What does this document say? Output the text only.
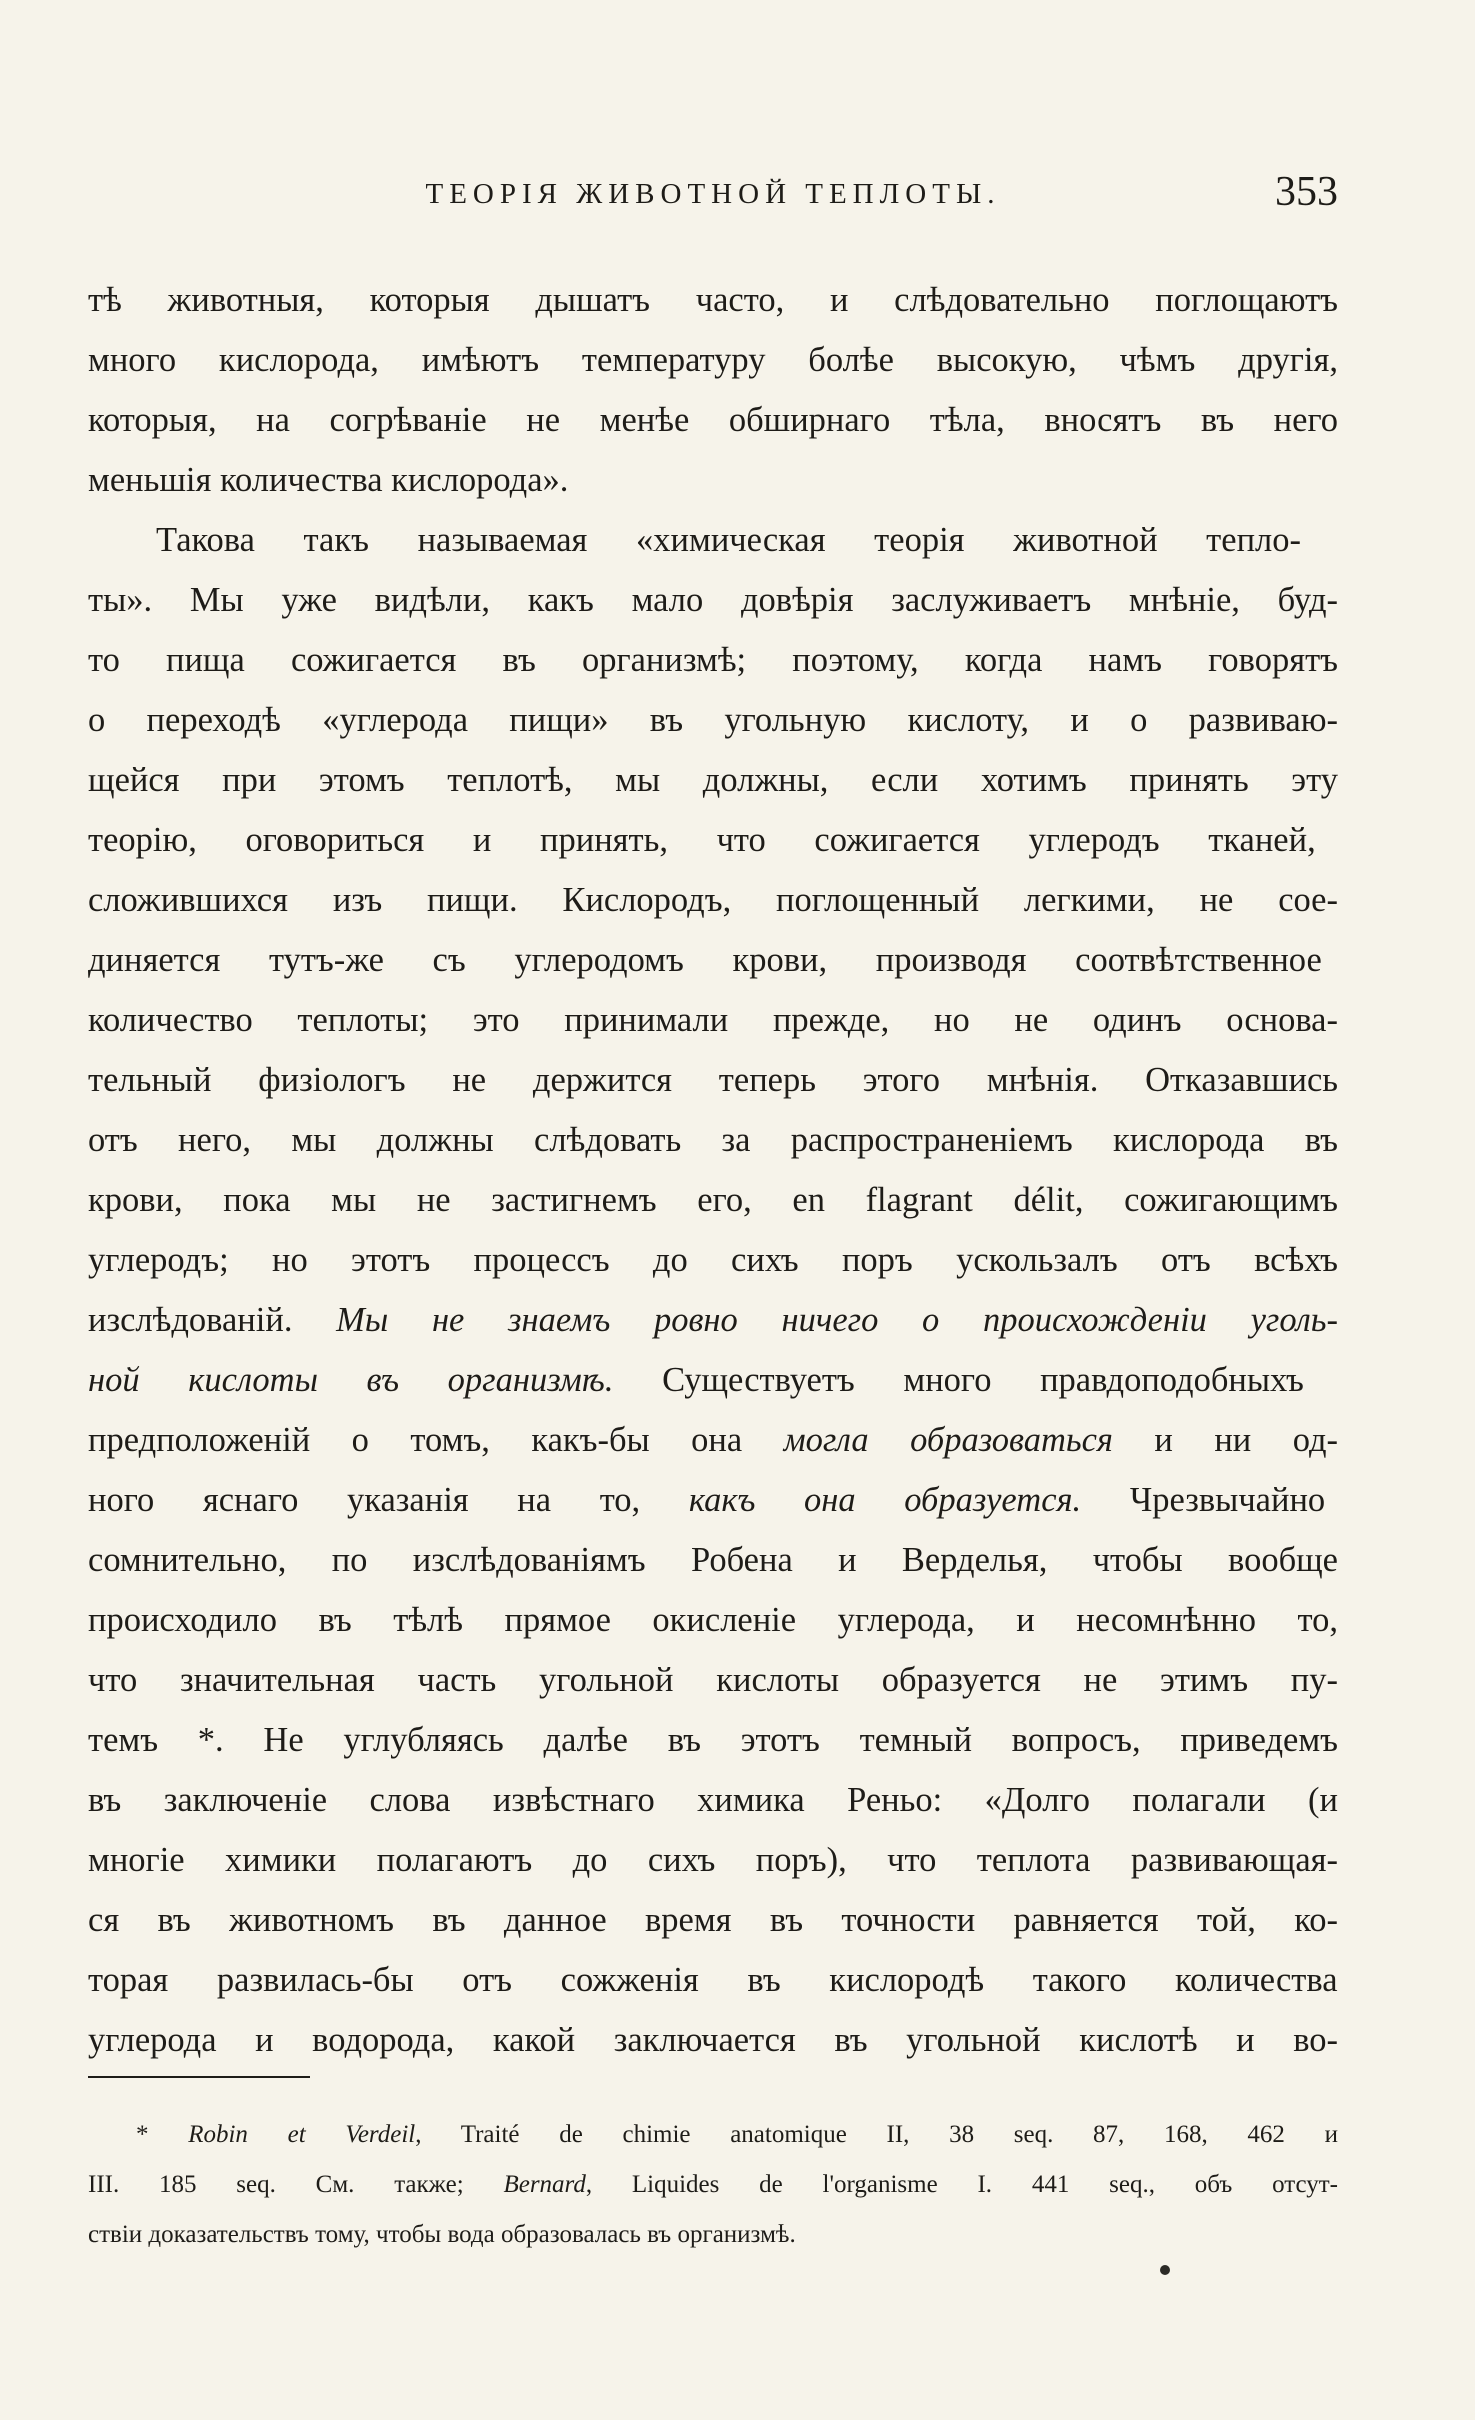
ТЕОРІЯ ЖИВОТНОЙ ТЕПЛОТЫ.	353
тѣ животныя, которыя дышатъ часто, и слѣдовательно поглощаютъ
много кислорода, имѣютъ температуру болѣе высокую, чѣмъ другія,
которыя, на согрѣваніе не менѣе обширнаго тѣла, вносятъ въ него
меньшія количества кислорода».
Такова такъ называемая «химическая теорія животной тепло-
ты». Мы уже видѣли, какъ мало довѣрія заслуживаетъ мнѣніе, буд-
то пища сожигается въ организмѣ; поэтому, когда намъ говорятъ
о переходѣ «углерода пищи» въ угольную кислоту, и о развиваю-
щейся при этомъ теплотѣ, мы должны, если хотимъ принять эту
теорію, оговориться и принять, что сожигается углеродъ тканей,
сложившихся изъ пищи. Кислородъ, поглощенный легкими, не сое-
диняется тутъ-же съ углеродомъ крови, производя соотвѣтственное
количество теплоты; это принимали прежде, но не одинъ основа-
тельный физіологъ не держится теперь этого мнѣнія. Отказавшись
отъ него, мы должны слѣдовать за распространеніемъ кислорода въ
крови, пока мы не застигнемъ его, en flagrant délit, сожигающимъ
углеродъ; но этотъ процессъ до сихъ поръ ускользалъ отъ всѣхъ
изслѣдованій. Мы не знаемъ ровно ничего о происхожденіи уголь-
ной кислоты въ организмѣ. Существуетъ много правдоподобныхъ
предположеній о томъ, какъ-бы она могла образоваться и ни од-
ного яснаго указанія на то, какъ она образуется. Чрезвычайно
сомнительно, по изслѣдованіямъ Робена и Верделья, чтобы вообще
происходило въ тѣлѣ прямое окисленіе углерода, и несомнѣнно то,
что значительная часть угольной кислоты образуется не этимъ пу-
темъ *. Не углубляясь далѣе въ этотъ темный вопросъ, приведемъ
въ заключеніе слова извѣстнаго химика Реньо: «Долго полагали (и
многіе химики полагаютъ до сихъ поръ), что теплота развивающая-
ся въ животномъ въ данное время въ точности равняется той, ко-
торая развилась-бы отъ сожженія въ кислородѣ такого количества
углерода и водорода, какой заключается въ угольной кислотѣ и во-
* Robin et Verdeil, Traité de chimie anatomique II, 38 seq. 87, 168, 462 и
III. 185 seq. См. также; Bernard, Liquides de l'organisme I. 441 seq., объ отсут-
ствіи доказательствъ тому, чтобы вода образовалась въ организмѣ.
